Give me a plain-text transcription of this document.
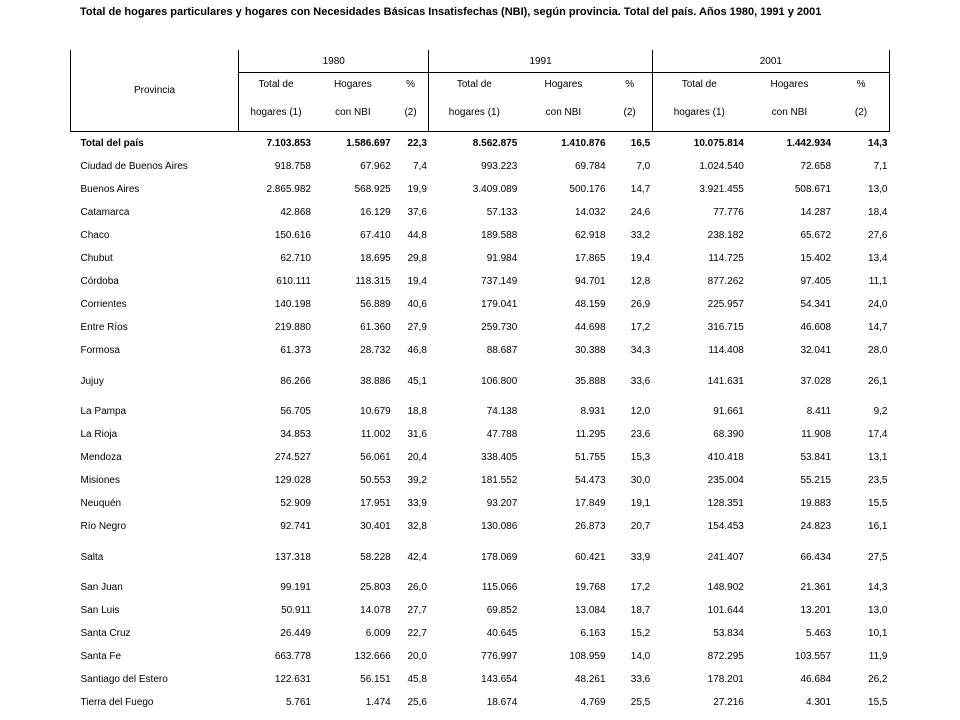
Total de hogares particulares y hogares con Necesidades Básicas Insatisfechas (NBI), según provincia. Total del país. Años 1980, 1991 y 2001
Provincia	1980			1991			2001		
	Total de	Hogares	%	Total de	Hogares	%	Total de	Hogares	%
	hogares (1)	con NBI	(2)	hogares (1)	con NBI	(2)	hogares (1)	con NBI	(2)
Total del país	7.103.853	1.586.697	22,3	8.562.875	1.410.876	16,5	10.075.814	1.442.934	14,3
Ciudad de Buenos Aires	918.758	67.962	7,4	993.223	69.784	7,0	1.024.540	72.658	7,1
Buenos Aires	2.865.982	568.925	19,9	3.409.089	500.176	14,7	3.921.455	508.671	13,0
Catamarca	42.868	16.129	37,6	57.133	14.032	24,6	77.776	14.287	18,4
Chaco	150.616	67.410	44,8	189.588	62.918	33,2	238.182	65.672	27,6
Chubut	62.710	18.695	29,8	91.984	17.865	19,4	114.725	15.402	13,4
Córdoba	610.111	118.315	19,4	737.149	94.701	12,8	877.262	97.405	11,1
Corrientes	140.198	56.889	40,6	179.041	48.159	26,9	225.957	54.341	24,0
Entre Ríos	219.880	61.360	27,9	259.730	44.698	17,2	316.715	46.608	14,7
Formosa	61.373	28.732	46,8	88.687	30.388	34,3	114.408	32.041	28,0
Jujuy	86.266	38.886	45,1	106.800	35.888	33,6	141.631	37.028	26,1
La Pampa	56.705	10.679	18,8	74.138	8.931	12,0	91.661	8.411	9,2
La Rioja	34.853	11.002	31,6	47.788	11.295	23,6	68.390	11.908	17,4
Mendoza	274.527	56.061	20,4	338.405	51.755	15,3	410.418	53.841	13,1
Misiones	129.028	50.553	39,2	181.552	54.473	30,0	235.004	55.215	23,5
Neuquén	52.909	17.951	33,9	93.207	17.849	19,1	128.351	19.883	15,5
Río Negro	92.741	30.401	32,8	130.086	26.873	20,7	154.453	24.823	16,1
Salta	137.318	58.228	42,4	178.069	60.421	33,9	241.407	66.434	27,5
San Juan	99.191	25.803	26,0	115.066	19.768	17,2	148.902	21.361	14,3
San Luis	50.911	14.078	27,7	69.852	13.084	18,7	101.644	13.201	13,0
Santa Cruz	26.449	6.009	22,7	40.645	6.163	15,2	53.834	5.463	10,1
Santa Fe	663.778	132.666	20,0	776.997	108.959	14,0	872.295	103.557	11,9
Santiago del Estero	122.631	56.151	45,8	143.654	48.261	33,6	178.201	46.684	26,2
Tierra del Fuego	5.761	1.474	25,6	18.674	4.769	25,5	27.216	4.301	15,5
